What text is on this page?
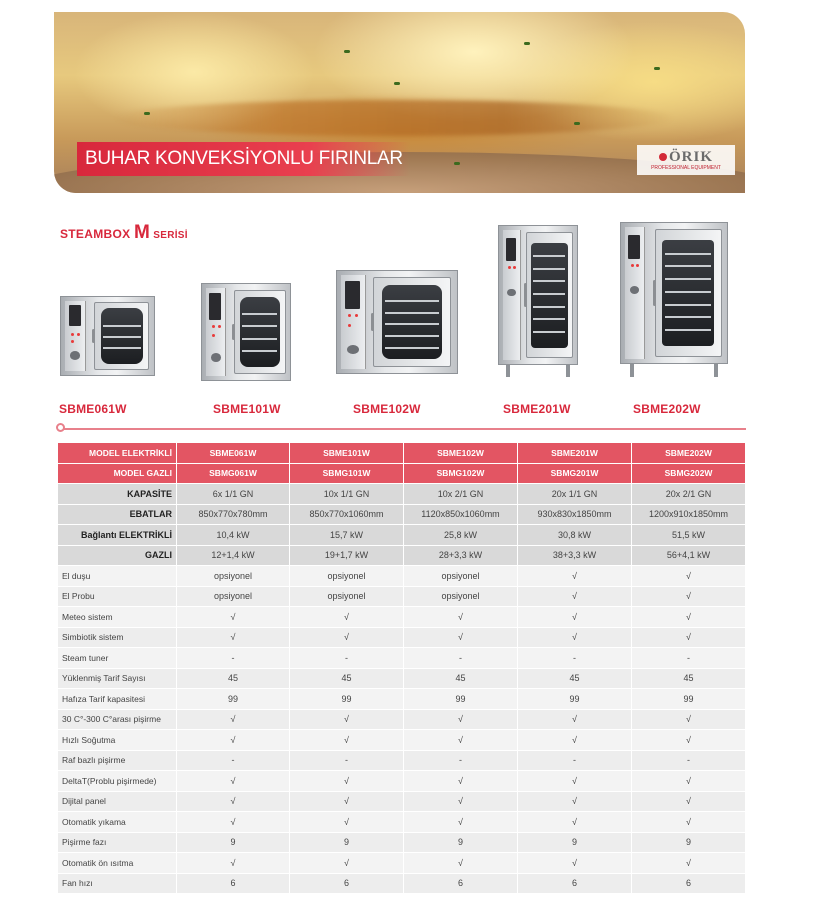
BUHAR KONVEKSİYONLU FIRINLAR	ÖRIK
PROFESSIONAL EQUIPMENT
STEAMBOX M SERİSİ
SBME061W	SBME101W	SBME102W	SBME201W	SBME202W
MODEL ELEKTRİKLİ	SBME061W	SBME101W	SBME102W	SBME201W	SBME202W
MODEL GAZLI	SBMG061W	SBMG101W	SBMG102W	SBMG201W	SBMG202W
KAPASİTE	6x 1/1 GN	10x 1/1 GN	10x 2/1 GN	20x 1/1 GN	20x 2/1 GN
EBATLAR	850x770x780mm	850x770x1060mm	1120x850x1060mm	930x830x1850mm	1200x910x1850mm
Bağlantı ELEKTRİKLİ	10,4 kW	15,7 kW	25,8 kW	30,8 kW	51,5 kW
GAZLI	12+1,4 kW	19+1,7 kW	28+3,3 kW	38+3,3 kW	56+4,1 kW
El duşu	opsiyonel	opsiyonel	opsiyonel	√	√
El Probu	opsiyonel	opsiyonel	opsiyonel	√	√
Meteo sistem	√	√	√	√	√
Simbiotik sistem	√	√	√	√	√
Steam tuner	-	-	-	-	-
Yüklenmiş Tarif Sayısı	45	45	45	45	45
Hafıza Tarif kapasitesi	99	99	99	99	99
30 C°-300 C°arası pişirme	√	√	√	√	√
Hızlı Soğutma	√	√	√	√	√
Raf bazlı pişirme	-	-	-	-	-
DeltaT(Problu pişirmede)	√	√	√	√	√
Dijital panel	√	√	√	√	√
Otomatik yıkama	√	√	√	√	√
Pişirme fazı	9	9	9	9	9
Otomatik ön ısıtma	√	√	√	√	√
Fan hızı	6	6	6	6	6
